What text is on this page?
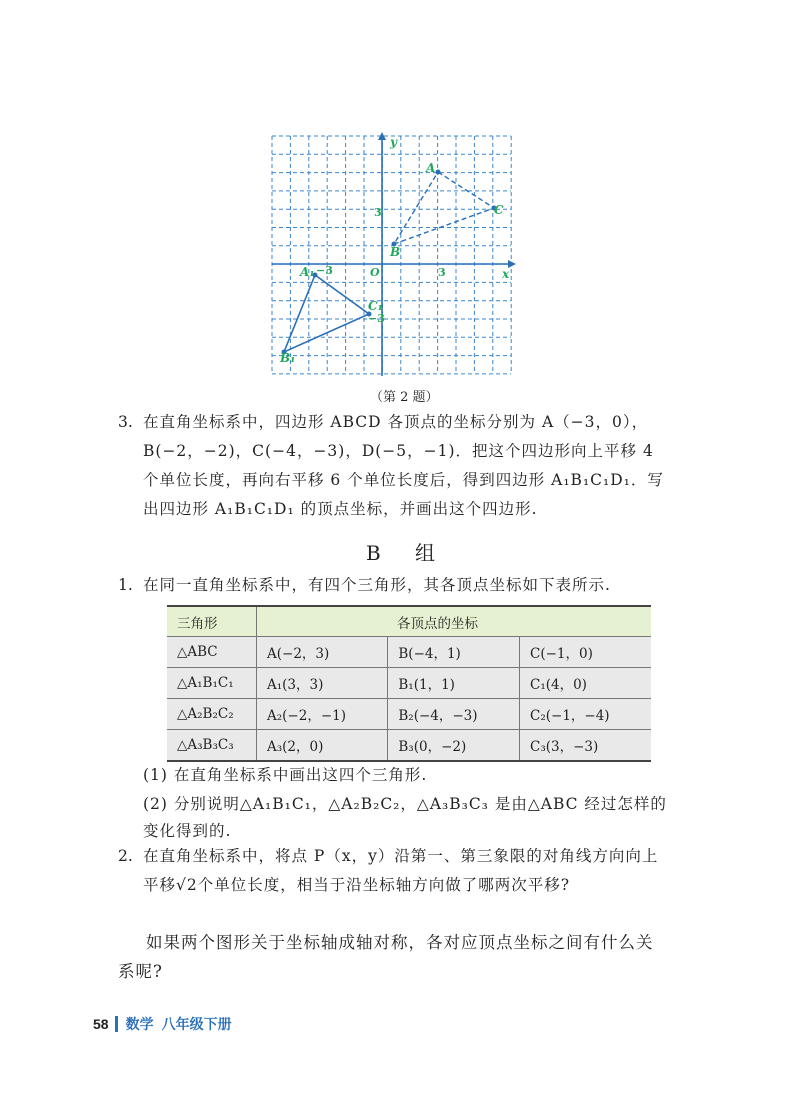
y
x
A
C
B
A₁
C₁
B₁
O	3
3
−3
−3
（第 2 题）
3. 在直角坐标系中，四边形 ABCD 各顶点的坐标分别为 A（−3，0），
B(−2，−2)，C(−4，−3)，D(−5，−1)．把这个四边形向上平移 4
个单位长度，再向右平移 6 个单位长度后，得到四边形 A₁B₁C₁D₁．写
出四边形 A₁B₁C₁D₁ 的顶点坐标，并画出这个四边形.
B 组
1. 在同一直角坐标系中，有四个三角形，其各顶点坐标如下表所示.
三角形	各顶点的坐标		
△ABC	A(−2，3)	B(−4，1)	C(−1，0)
△A₁B₁C₁	A₁(3，3)	B₁(1，1)	C₁(4，0)
△A₂B₂C₂	A₂(−2，−1)	B₂(−4，−3)	C₂(−1，−4)
△A₃B₃C₃	A₃(2，0)	B₃(0，−2)	C₃(3，−3)
(1) 在直角坐标系中画出这四个三角形.
(2) 分别说明△A₁B₁C₁，△A₂B₂C₂，△A₃B₃C₃ 是由△ABC 经过怎样的
变化得到的.
2. 在直角坐标系中，将点 P（x，y）沿第一、第三象限的对角线方向向上
平移√2个单位长度，相当于沿坐标轴方向做了哪两次平移?
如果两个图形关于坐标轴成轴对称，各对应顶点坐标之间有什么关
系呢?
58 数学 八年级下册
